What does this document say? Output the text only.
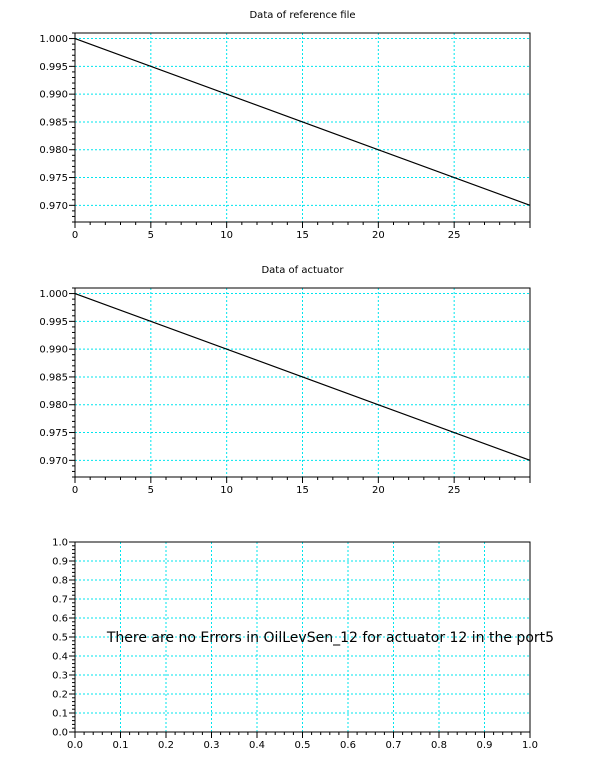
Data of reference file
0	5	10	15	20	25
0.970
0.975
0.980
0.985
0.990
0.995
1.000
Data of actuator
0	5	10	15	20	25
0.970
0.975
0.980
0.985
0.990
0.995
1.000
0.0	0.1	0.2	0.3	0.4	0.5	0.6	0.7	0.8	0.9	1.0
0.0
0.1
0.2
0.3
0.4
0.5
0.6
0.7
0.8
0.9
1.0
There are no Errors in OilLevSen_12 for actuator 12 in the port5
